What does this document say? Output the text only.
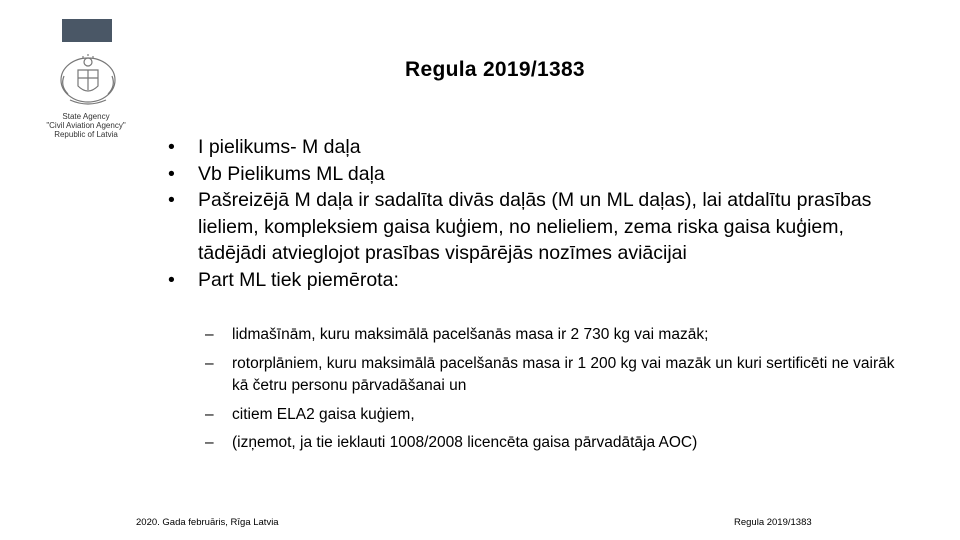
State Agency
"Civil Aviation Agency"
Republic of Latvia
Regula 2019/1383
•	I pielikums- M daļa
•	Vb Pielikums ML daļa
•	Pašreizējā M daļa ir sadalīta divās daļās (M un ML daļas), lai atdalītu prasības lieliem, kompleksiem gaisa kuģiem, no nelieliem, zema riska gaisa kuģiem, tādējādi atvieglojot prasības vispārējās nozīmes aviācijai
•	Part ML tiek piemērota:
– lidmašīnām, kuru maksimālā pacelšanās masa ir 2 730 kg vai mazāk;
– rotorplāniem, kuru maksimālā pacelšanās masa ir 1 200 kg vai mazāk un kuri sertificēti ne vairāk kā četru personu pārvadāšanai un
– citiem ELA2 gaisa kuģiem,
– (izņemot, ja tie ieklauti 1008/2008 licencēta gaisa pārvadātāja AOC)
2020. Gada februāris, Rīga Latvia	Regula 2019/1383
